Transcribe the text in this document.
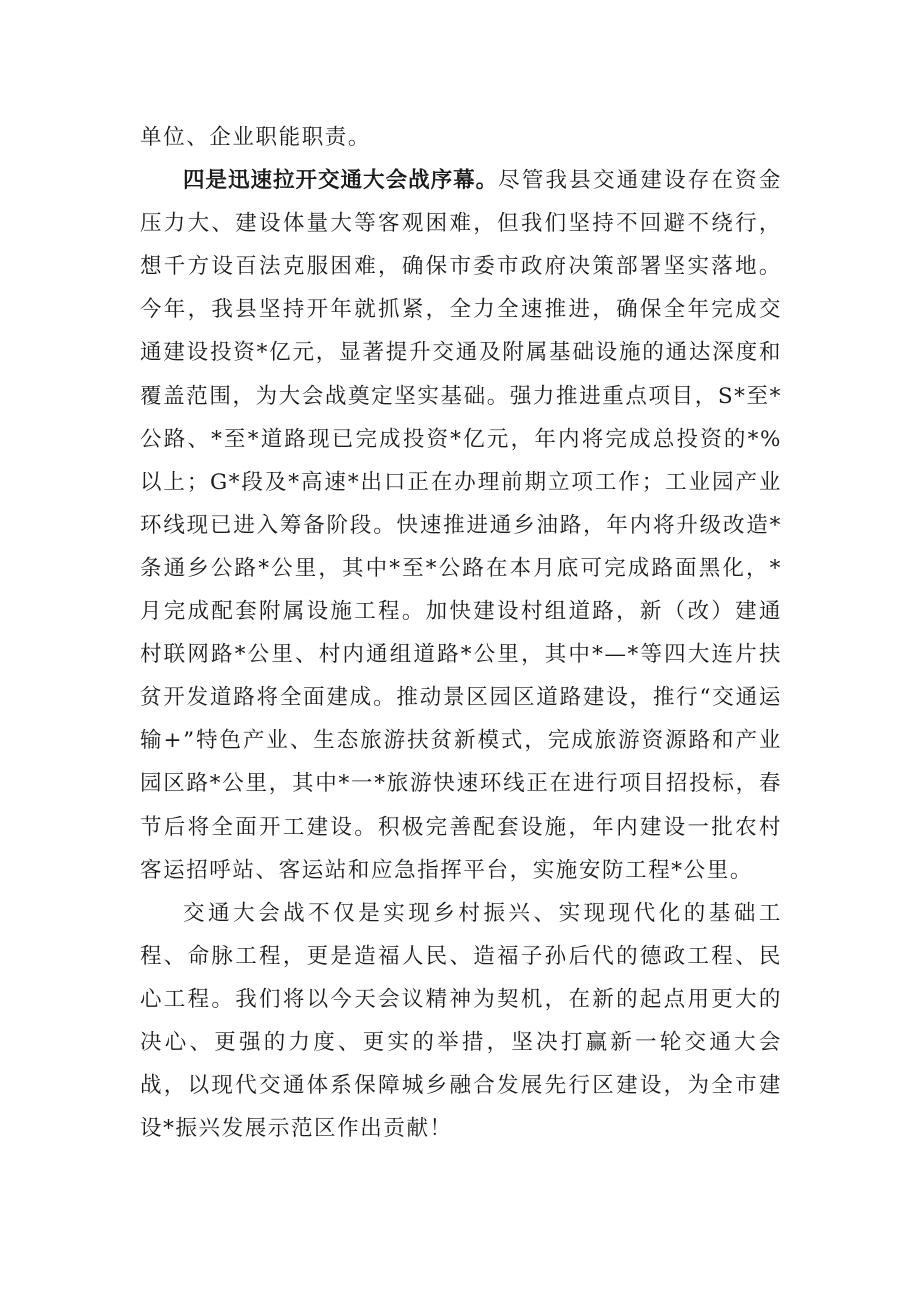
单位、企业职能职责。

四是迅速拉开交通大会战序幕。尽管我县交通建设存在资金压力大、建设体量大等客观困难，但我们坚持不回避不绕行，想千方设百法克服困难，确保市委市政府决策部署坚实落地。今年，我县坚持开年就抓紧，全力全速推进，确保全年完成交通建设投资*亿元，显著提升交通及附属基础设施的通达深度和覆盖范围，为大会战奠定坚实基础。强力推进重点项目，S*至*公路、*至*道路现已完成投资*亿元，年内将完成总投资的*%以上；G*段及*高速*出口正在办理前期立项工作；工业园产业环线现已进入筹备阶段。快速推进通乡油路，年内将升级改造*条通乡公路*公里，其中*至*公路在本月底可完成路面黑化，*月完成配套附属设施工程。加快建设村组道路，新（改）建通村联网路*公里、村内通组道路*公里，其中*—*等四大连片扶贫开发道路将全面建成。推动景区园区道路建设，推行“交通运输+”特色产业、生态旅游扶贫新模式，完成旅游资源路和产业园区路*公里，其中*一*旅游快速环线正在进行项目招投标，春节后将全面开工建设。积极完善配套设施，年内建设一批农村客运招呼站、客运站和应急指挥平台，实施安防工程*公里。

交通大会战不仅是实现乡村振兴、实现现代化的基础工程、命脉工程，更是造福人民、造福子孙后代的德政工程、民心工程。我们将以今天会议精神为契机，在新的起点用更大的决心、更强的力度、更实的举措，坚决打赢新一轮交通大会战，以现代交通体系保障城乡融合发展先行区建设，为全市建设*振兴发展示范区作出贡献！
